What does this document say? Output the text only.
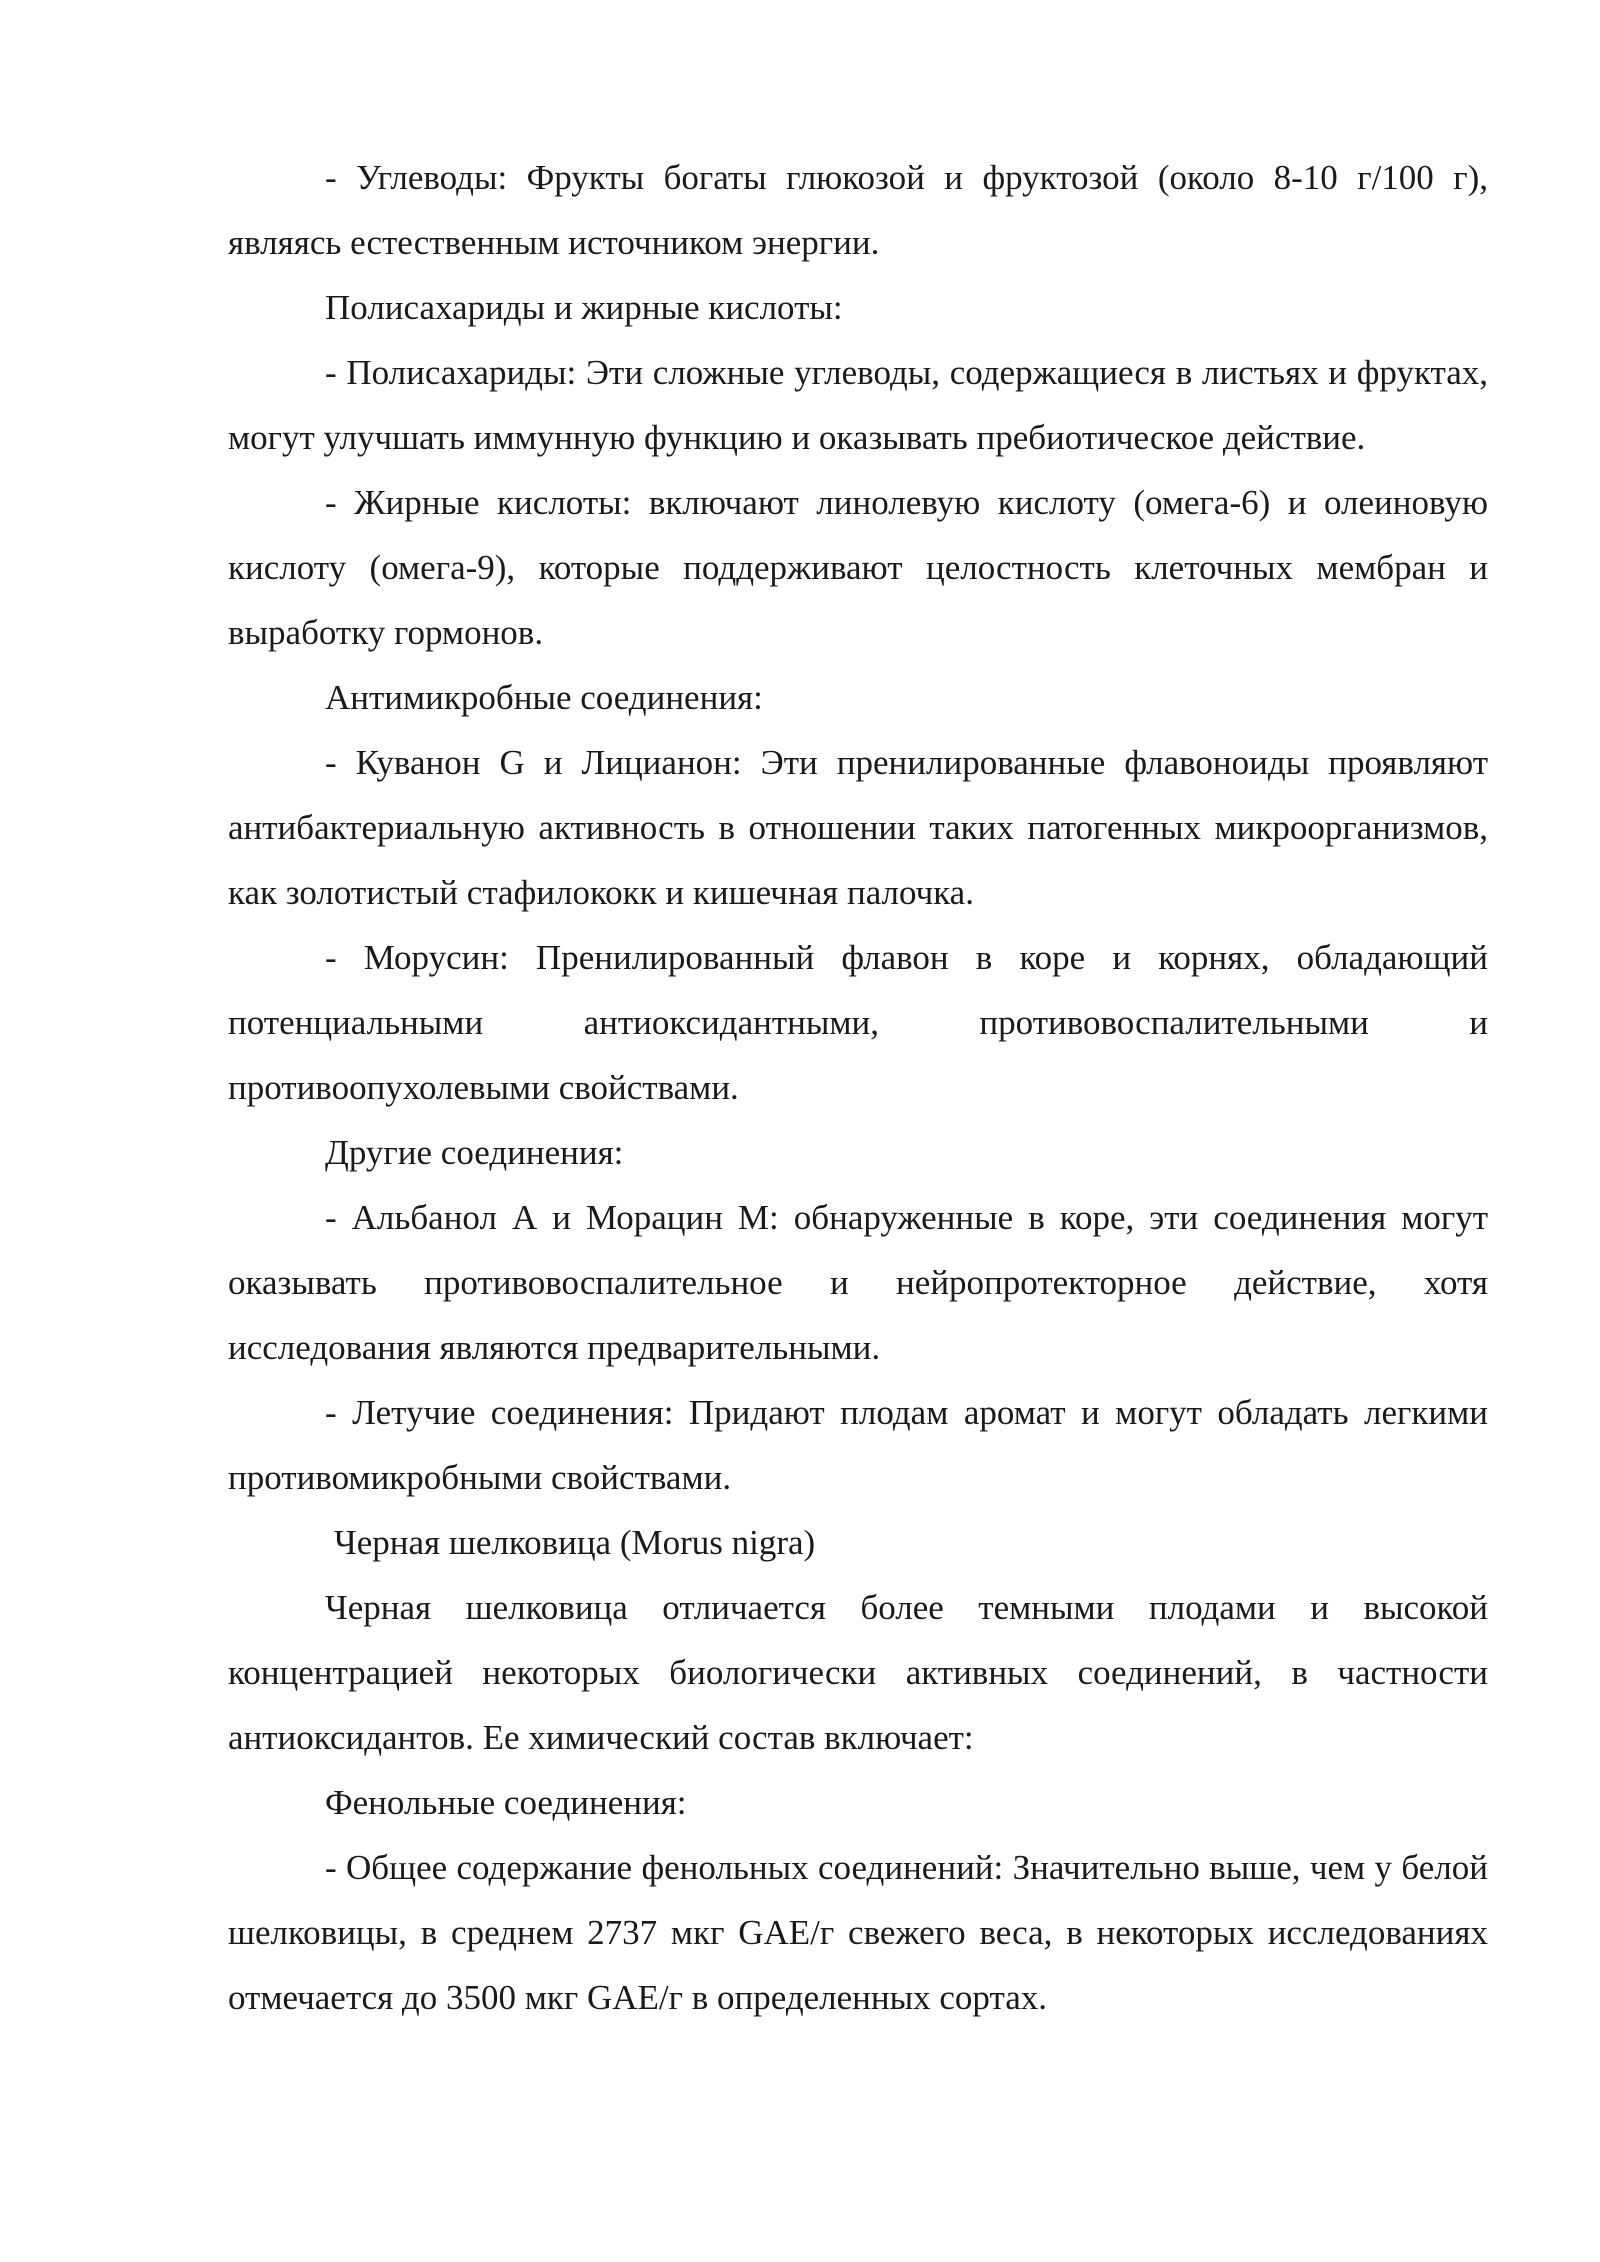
- Углеводы: Фрукты богаты глюкозой и фруктозой (около 8-10 г/100 г), являясь естественным источником энергии.

Полисахариды и жирные кислоты:

- Полисахариды: Эти сложные углеводы, содержащиеся в листьях и фруктах, могут улучшать иммунную функцию и оказывать пребиотическое действие.

- Жирные кислоты: включают линолевую кислоту (омега-6) и олеиновую кислоту (омега-9), которые поддерживают целостность клеточных мембран и выработку гормонов.

Антимикробные соединения:

- Куванон G и Лицианон: Эти пренилированные флавоноиды проявляют антибактериальную активность в отношении таких патогенных микроорганизмов, как золотистый стафилококк и кишечная палочка.

- Морусин: Пренилированный флавон в коре и корнях, обладающий потенциальными антиоксидантными, противовоспалительными и противоопухолевыми свойствами.

Другие соединения:

- Альбанол А и Морацин М: обнаруженные в коре, эти соединения могут оказывать противовоспалительное и нейропротекторное действие, хотя исследования являются предварительными.

- Летучие соединения: Придают плодам аромат и могут обладать легкими противомикробными свойствами.

Черная шелковица (Morus nigra)

Черная шелковица отличается более темными плодами и высокой концентрацией некоторых биологически активных соединений, в частности антиоксидантов. Ее химический состав включает:

Фенольные соединения:

- Общее содержание фенольных соединений: Значительно выше, чем у белой шелковицы, в среднем 2737 мкг GAE/г свежего веса, в некоторых исследованиях отмечается до 3500 мкг GAE/г в определенных сортах.
